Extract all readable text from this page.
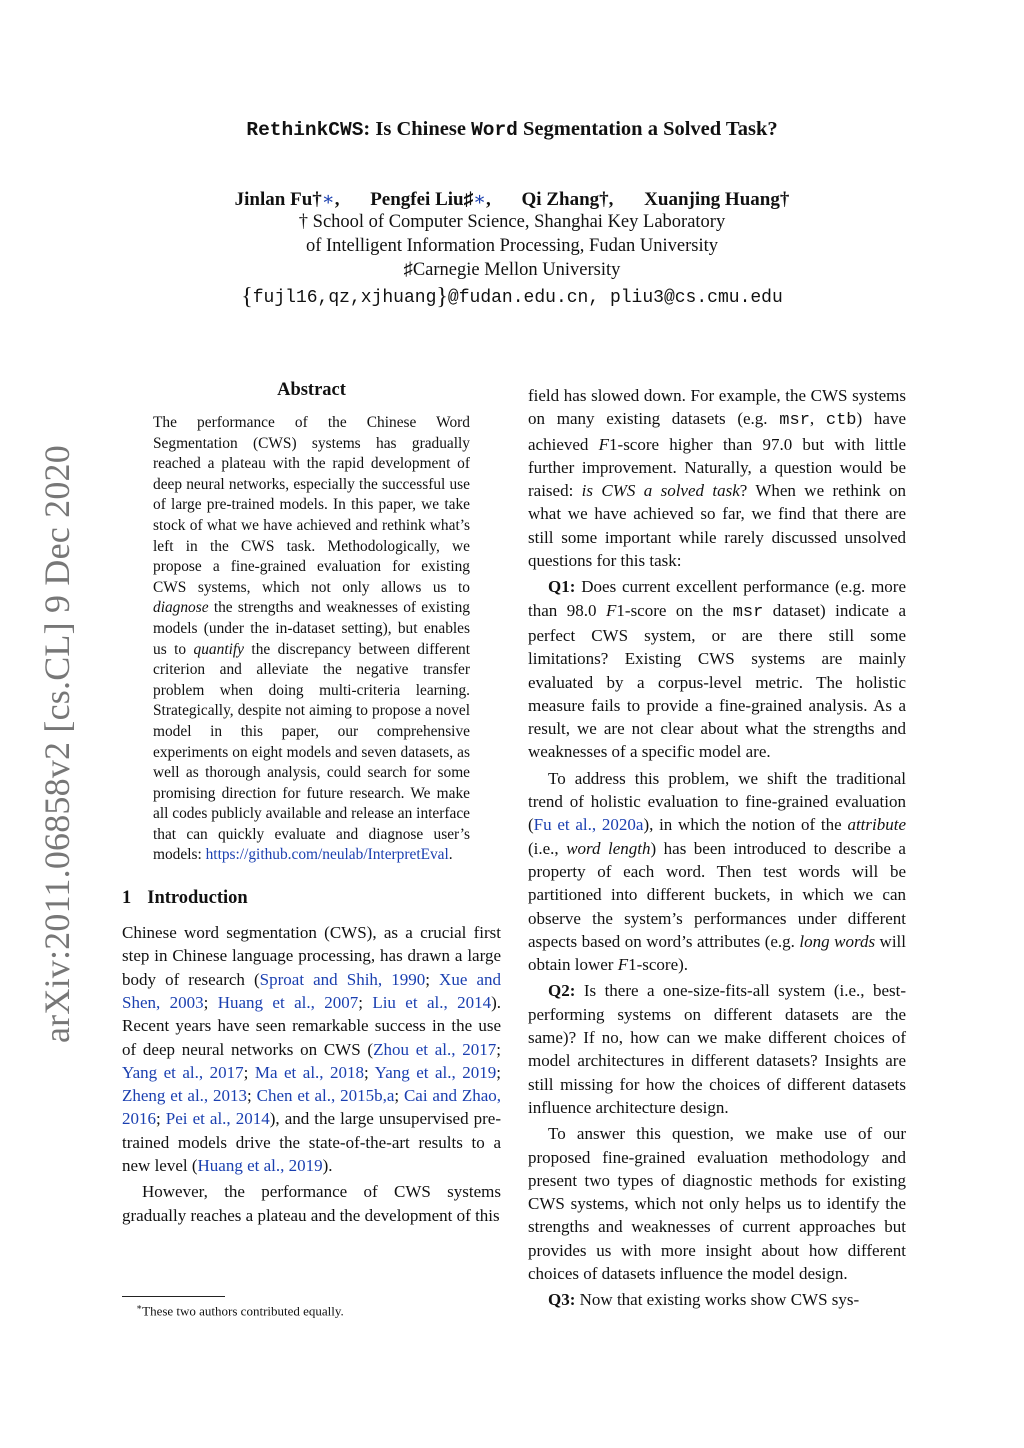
RethinkCWS: Is Chinese Word Segmentation a Solved Task?
Jinlan Fu†∗, Pengfei Liu♯∗, Qi Zhang†, Xuanjing Huang†
† School of Computer Science, Shanghai Key Laboratory
of Intelligent Information Processing, Fudan University
♯Carnegie Mellon University
{fujl16,qz,xjhuang}@fudan.edu.cn, pliu3@cs.cmu.edu
arXiv:2011.06858v2 [cs.CL] 9 Dec 2020
Abstract
The performance of the Chinese Word Segmentation (CWS) systems has gradually reached a plateau with the rapid development of deep neural networks, especially the successful use of large pre-trained models. In this paper, we take stock of what we have achieved and rethink what’s left in the CWS task. Methodologically, we propose a fine-grained evaluation for existing CWS systems, which not only allows us to diagnose the strengths and weaknesses of existing models (under the in-dataset setting), but enables us to quantify the discrepancy between different criterion and alleviate the negative transfer problem when doing multi-criteria learning. Strategically, despite not aiming to propose a novel model in this paper, our comprehensive experiments on eight models and seven datasets, as well as thorough analysis, could search for some promising direction for future research. We make all codes publicly available and release an interface that can quickly evaluate and diagnose user’s models: https://github.com/neulab/InterpretEval.
1 Introduction

Chinese word segmentation (CWS), as a crucial first step in Chinese language processing, has drawn a large body of research (Sproat and Shih, 1990; Xue and Shen, 2003; Huang et al., 2007; Liu et al., 2014). Recent years have seen remarkable success in the use of deep neural networks on CWS (Zhou et al., 2017; Yang et al., 2017; Ma et al., 2018; Yang et al., 2019; Zheng et al., 2013; Chen et al., 2015b,a; Cai and Zhao, 2016; Pei et al., 2014), and the large unsupervised pre-trained models drive the state-of-the-art results to a new level (Huang et al., 2019).

However, the performance of CWS systems gradually reaches a plateau and the development of this

∗These two authors contributed equally.

field has slowed down. For example, the CWS systems on many existing datasets (e.g. msr, ctb) have achieved F1-score higher than 97.0 but with little further improvement. Naturally, a question would be raised: is CWS a solved task? When we rethink on what we have achieved so far, we find that there are still some important while rarely discussed unsolved questions for this task:

Q1: Does current excellent performance (e.g. more than 98.0 F1-score on the msr dataset) indicate a perfect CWS system, or are there still some limitations? Existing CWS systems are mainly evaluated by a corpus-level metric. The holistic measure fails to provide a fine-grained analysis. As a result, we are not clear about what the strengths and weaknesses of a specific model are.

To address this problem, we shift the traditional trend of holistic evaluation to fine-grained evaluation (Fu et al., 2020a), in which the notion of the attribute (i.e., word length) has been introduced to describe a property of each word. Then test words will be partitioned into different buckets, in which we can observe the system’s performances under different aspects based on word’s attributes (e.g. long words will obtain lower F1-score).

Q2: Is there a one-size-fits-all system (i.e., best-performing systems on different datasets are the same)? If no, how can we make different choices of model architectures in different datasets? Insights are still missing for how the choices of different datasets influence architecture design.

To answer this question, we make use of our proposed fine-grained evaluation methodology and present two types of diagnostic methods for existing CWS systems, which not only helps us to identify the strengths and weaknesses of current approaches but provides us with more insight about how different choices of datasets influence the model design.

Q3: Now that existing works show CWS sys-
